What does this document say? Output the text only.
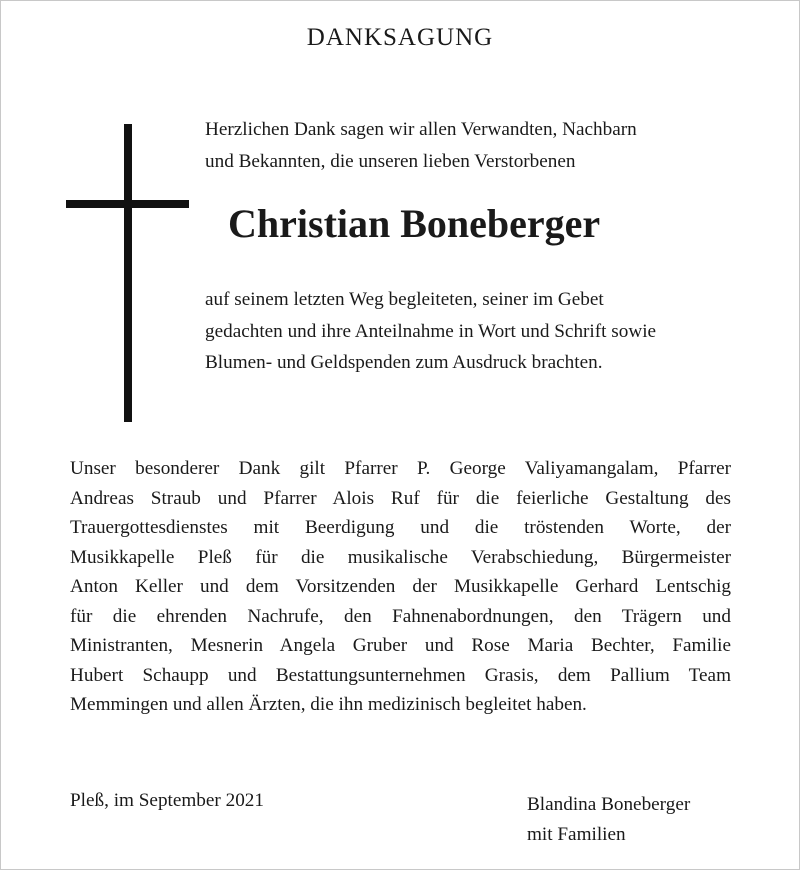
DANKSAGUNG
Herzlichen Dank sagen wir allen Verwandten, Nachbarn
und Bekannten, die unseren lieben Verstorbenen
Christian Boneberger
auf seinem letzten Weg begleiteten, seiner im Gebet
gedachten und ihre Anteilnahme in Wort und Schrift sowie
Blumen- und Geldspenden zum Ausdruck brachten.
Unser besonderer Dank gilt Pfarrer P. George Valiyamangalam, Pfarrer
Andreas Straub und Pfarrer Alois Ruf für die feierliche Gestaltung des
Trauergottesdienstes mit Beerdigung und die tröstenden Worte, der
Musikkapelle Pleß für die musikalische Verabschiedung, Bürgermeister
Anton Keller und dem Vorsitzenden der Musikkapelle Gerhard Lentschig
für die ehrenden Nachrufe, den Fahnenabordnungen, den Trägern und
Ministranten, Mesnerin Angela Gruber und Rose Maria Bechter, Familie
Hubert Schaupp und Bestattungsunternehmen Grasis, dem Pallium Team
Memmingen und allen Ärzten, die ihn medizinisch begleitet haben.
Pleß, im September 2021	Blandina Boneberger
mit Familien
